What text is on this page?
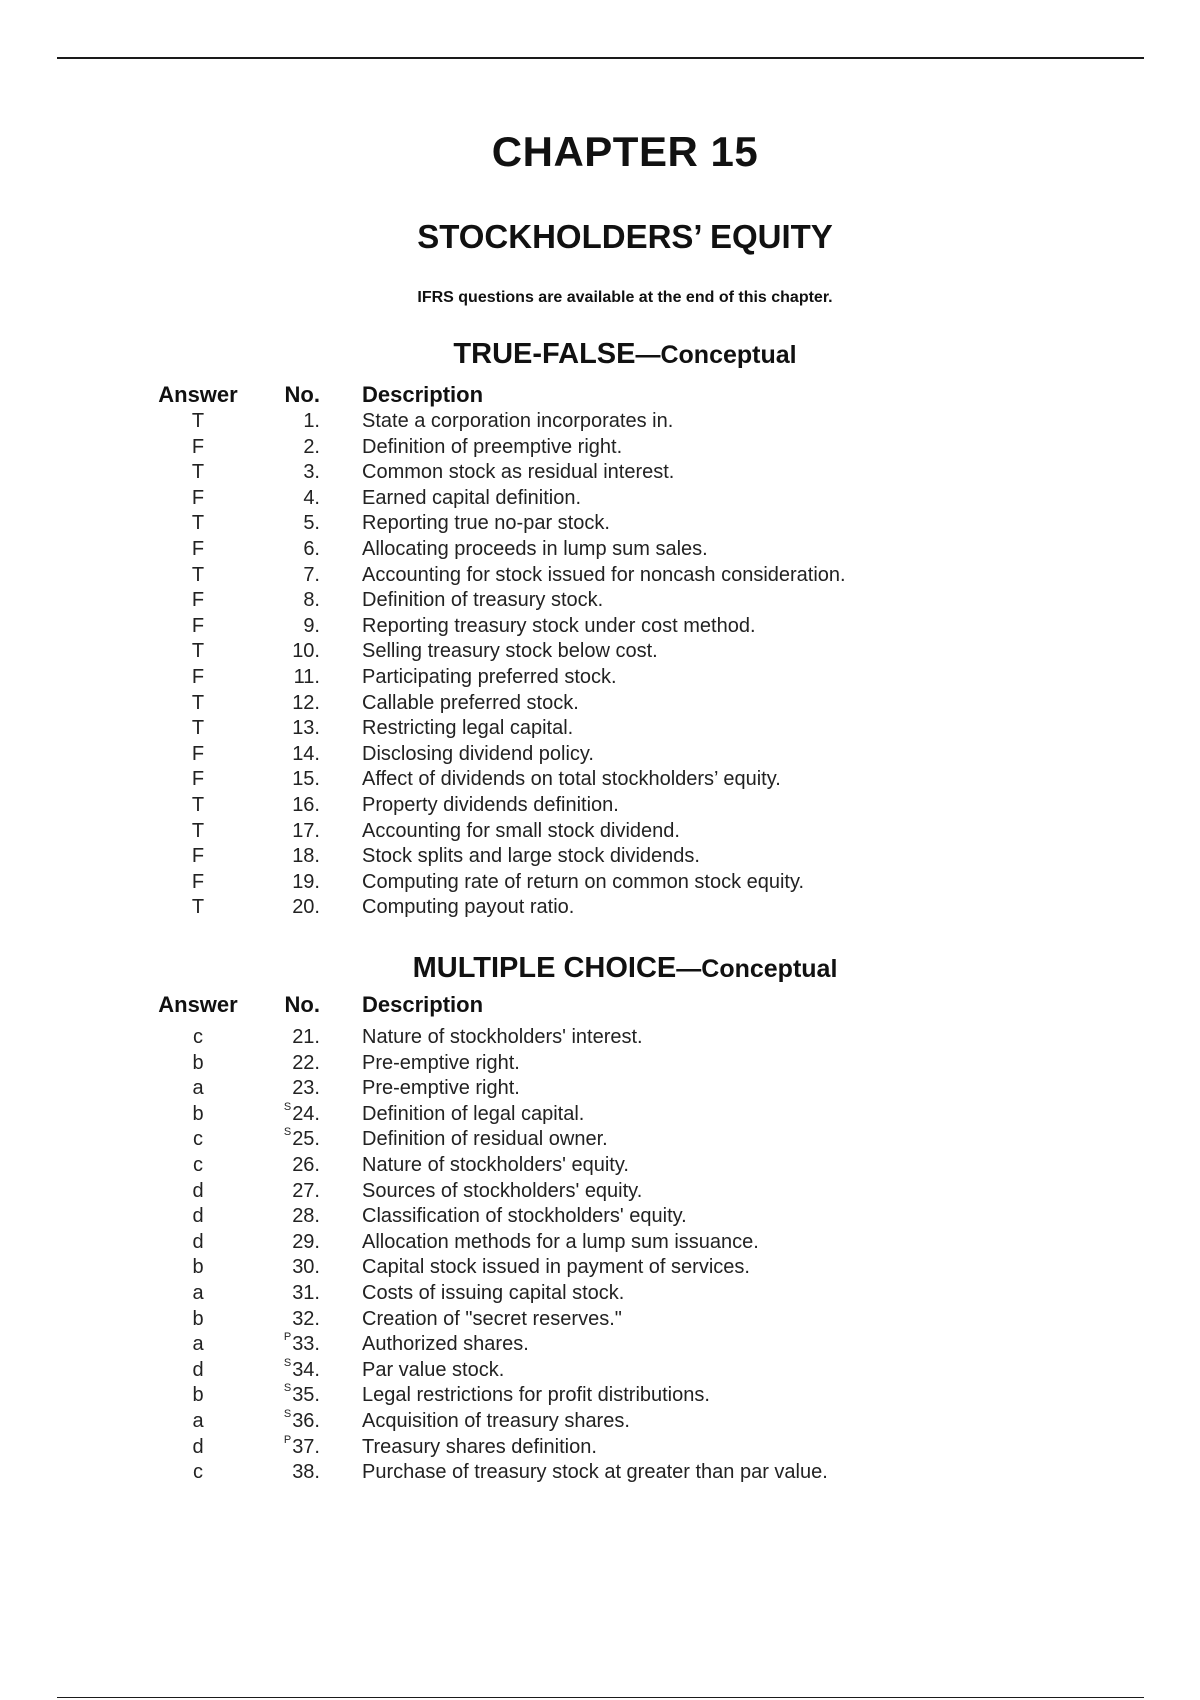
CHAPTER 15
STOCKHOLDERS’ EQUITY
IFRS questions are available at the end of this chapter.
TRUE-FALSE—Conceptual
Answer	No. Description
T	1. State a corporation incorporates in.
F	2. Definition of preemptive right.
T	3. Common stock as residual interest.
F	4. Earned capital definition.
T	5. Reporting true no-par stock.
F	6. Allocating proceeds in lump sum sales.
T	7. Accounting for stock issued for noncash consideration.
F	8. Definition of treasury stock.
F	9. Reporting treasury stock under cost method.
T	10. Selling treasury stock below cost.
F	11. Participating preferred stock.
T	12. Callable preferred stock.
T	13. Restricting legal capital.
F	14. Disclosing dividend policy.
F	15. Affect of dividends on total stockholders’ equity.
T	16. Property dividends definition.
T	17. Accounting for small stock dividend.
F	18. Stock splits and large stock dividends.
F	19. Computing rate of return on common stock equity.
T	20. Computing payout ratio.
MULTIPLE CHOICE—Conceptual
Answer	No. Description
c	21. Nature of stockholders' interest.
b	22. Pre-emptive right.
a	23. Pre-emptive right.
b	$^S$24. Definition of legal capital.
c	$^S$25. Definition of residual owner.
c	26. Nature of stockholders' equity.
d	27. Sources of stockholders' equity.
d	28. Classification of stockholders' equity.
d	29. Allocation methods for a lump sum issuance.
b	30. Capital stock issued in payment of services.
a	31. Costs of issuing capital stock.
b	32. Creation of "secret reserves."
a	$^P$33. Authorized shares.
d	$^S$34. Par value stock.
b	$^S$35. Legal restrictions for profit distributions.
a	$^S$36. Acquisition of treasury shares.
d	$^P$37. Treasury shares definition.
c	38. Purchase of treasury stock at greater than par value.
